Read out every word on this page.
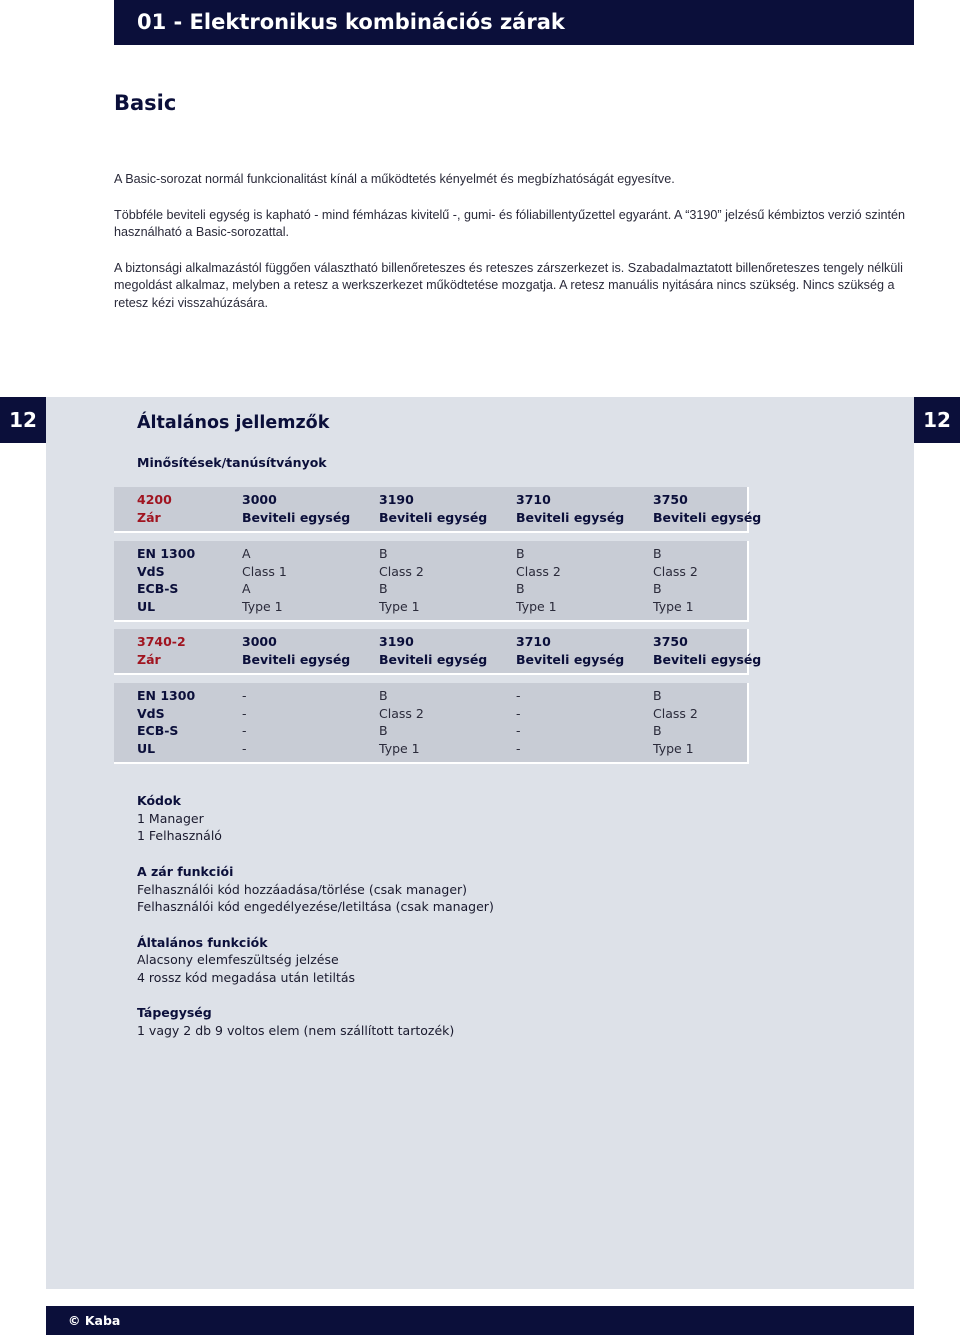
01 - Elektronikus kombinációs zárak
Basic

A Basic-sorozat normál funkcionalitást kínál a működtetés kényelmét és megbízhatóságát egyesítve.

Többféle beviteli egység is kapható - mind fémházas kivitelű -, gumi- és fóliabillentyűzettel egyaránt. A “3190” jelzésű kémbiztos verzió szintén használható a Basic-sorozattal.

A biztonsági alkalmazástól függően választható billenőreteszes és reteszes zárszerkezet is. Szabadalmaztatott billenőreteszes tengely nélküli megoldást alkalmaz, melyben a retesz a werkszerkezet működtetése mozgatja. A retesz manuális nyitására nincs szükség. Nincs szükség a retesz kézi visszahúzására.

12	12
Általános jellemzők
Minősítések/tanúsítványok
4200	3000	3190	3710	3750
Zár	Beviteli egység	Beviteli egység	Beviteli egység	Beviteli egység
EN 1300	A	B	B	B
VdS	Class 1	Class 2	Class 2	Class 2
ECB-S	A	B	B	B
UL	Type 1	Type 1	Type 1	Type 1
3740-2	3000	3190	3710	3750
Zár	Beviteli egység	Beviteli egység	Beviteli egység	Beviteli egység
EN 1300	-	B	-	B
VdS	-	Class 2	-	Class 2
ECB-S	-	B	-	B
UL	-	Type 1	-	Type 1
Kódok
1 Manager
1 Felhasználó
A zár funkciói
Felhasználói kód hozzáadása/törlése (csak manager)
Felhasználói kód engedélyezése/letiltása (csak manager)
Általános funkciók
Alacsony elemfeszültség jelzése
4 rossz kód megadása után letiltás
Tápegység
1 vagy 2 db 9 voltos elem (nem szállított tartozék)
© Kaba
